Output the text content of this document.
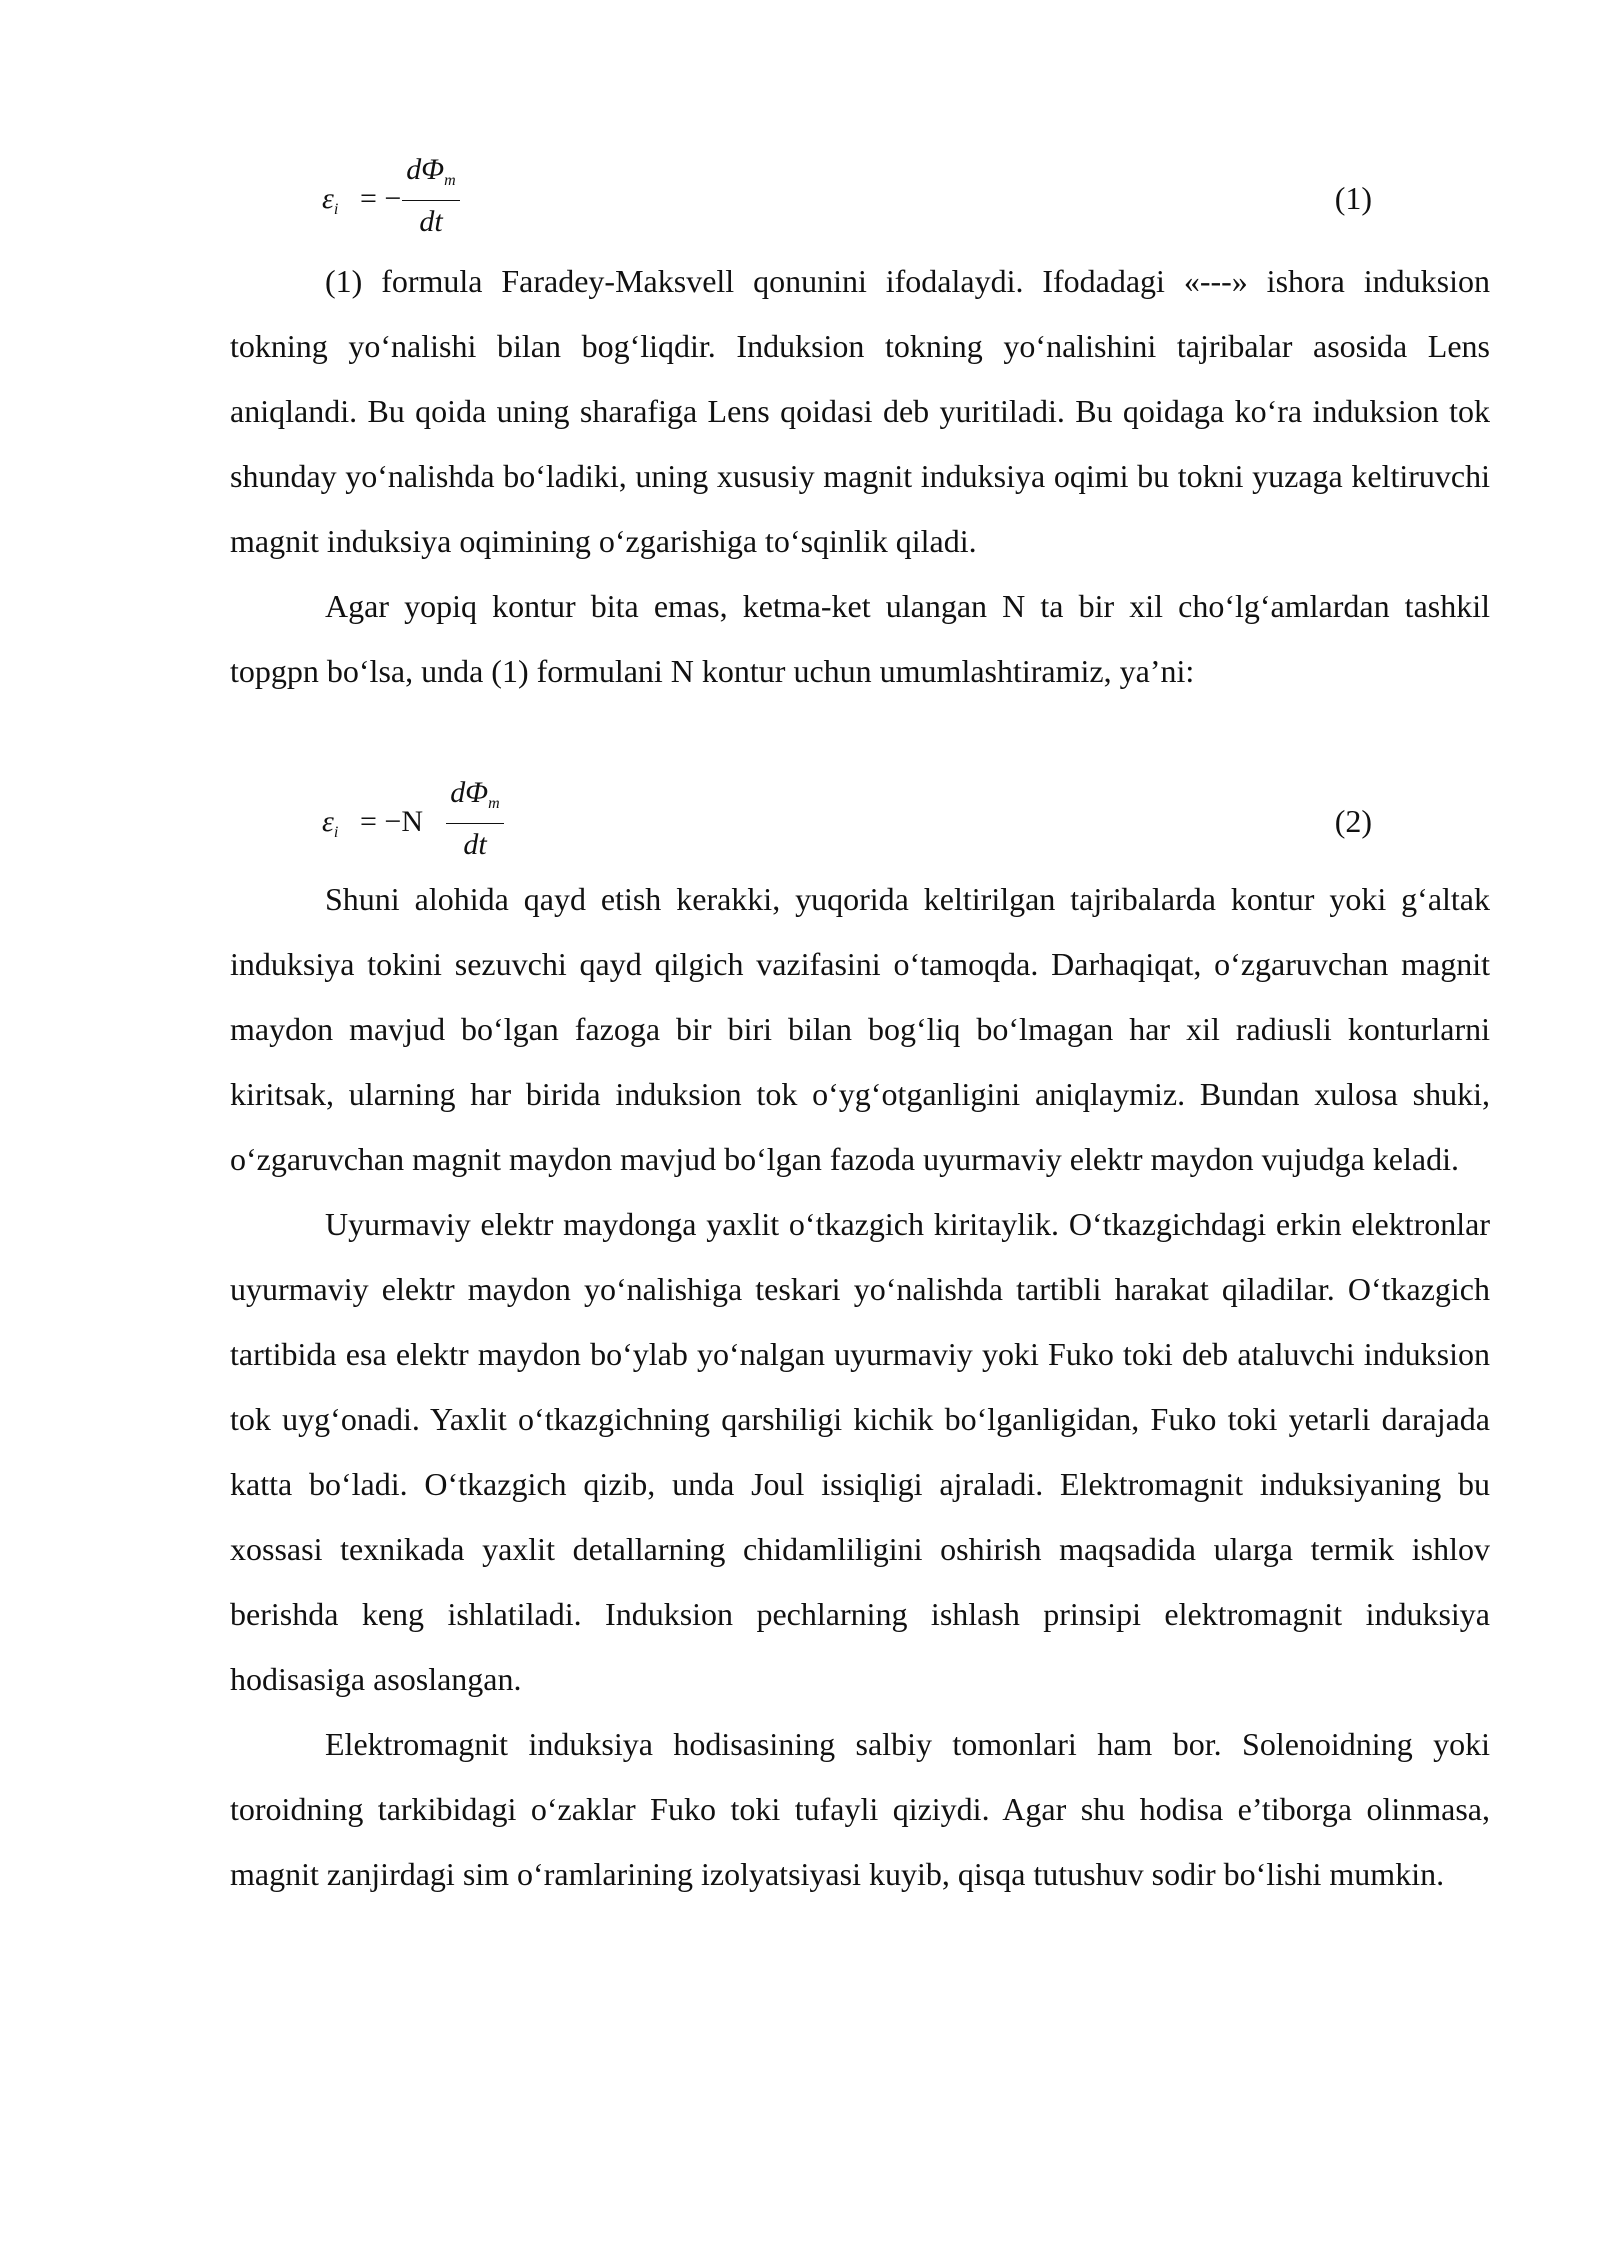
$\varepsilon_i$ = −
$d\Phi_m$
dt
(1)

(1) formula Faradey-Maksvell qonunini ifodalaydi. Ifodadagi «---» ishora induksion tokning yo‘nalishi bilan bog‘liqdir. Induksion tokning yo‘nalishini tajribalar asosida Lens aniqlandi. Bu qoida uning sharafiga Lens qoidasi deb yuritiladi. Bu qoidaga ko‘ra induksion tok shunday yo‘nalishda bo‘ladiki, uning xususiy magnit induksiya oqimi bu tokni yuzaga keltiruvchi magnit induksiya oqimining o‘zgarishiga to‘sqinlik qiladi.

Agar yopiq kontur bita emas, ketma-ket ulangan N ta bir xil cho‘lg‘amlardan tashkil topgpn bo‘lsa, unda (1) formulani N kontur uchun umumlashtiramiz, ya’ni:

$\varepsilon_i = -N$
$d\Phi_m$
dt
(2)

Shuni alohida qayd etish kerakki, yuqorida keltirilgan tajribalarda kontur yoki g‘altak induksiya tokini sezuvchi qayd qilgich vazifasini o‘tamoqda. Darhaqiqat, o‘zgaruvchan magnit maydon mavjud bo‘lgan fazoga bir biri bilan bog‘liq bo‘lmagan har xil radiusli konturlarni kiritsak, ularning har birida induksion tok o‘yg‘otganligini aniqlaymiz. Bundan xulosa shuki, o‘zgaruvchan magnit maydon mavjud bo‘lgan fazoda uyurmaviy elektr maydon vujudga keladi.

Uyurmaviy elektr maydonga yaxlit o‘tkazgich kiritaylik. O‘tkazgichdagi erkin elektronlar uyurmaviy elektr maydon yo‘nalishiga teskari yo‘nalishda tartibli harakat qiladilar. O‘tkazgich tartibida esa elektr maydon bo‘ylab yo‘nalgan uyurmaviy yoki Fuko toki deb ataluvchi induksion tok uyg‘onadi. Yaxlit o‘tkazgichning qarshiligi kichik bo‘lganligidan, Fuko toki yetarli darajada katta bo‘ladi. O‘tkazgich qizib, unda Joul issiqligi ajraladi. Elektromagnit induksiyaning bu xossasi texnikada yaxlit detallarning chidamliligini oshirish maqsadida ularga termik ishlov berishda keng ishlatiladi. Induksion pechlarning ishlash prinsipi elektromagnit induksiya hodisasiga asoslangan.

Elektromagnit induksiya hodisasining salbiy tomonlari ham bor. Solenoidning yoki toroidning tarkibidagi o‘zaklar Fuko toki tufayli qiziydi. Agar shu hodisa e’tiborga olinmasa, magnit zanjirdagi sim o‘ramlarining izolyatsiyasi kuyib, qisqa tutushuv sodir bo‘lishi mumkin.
